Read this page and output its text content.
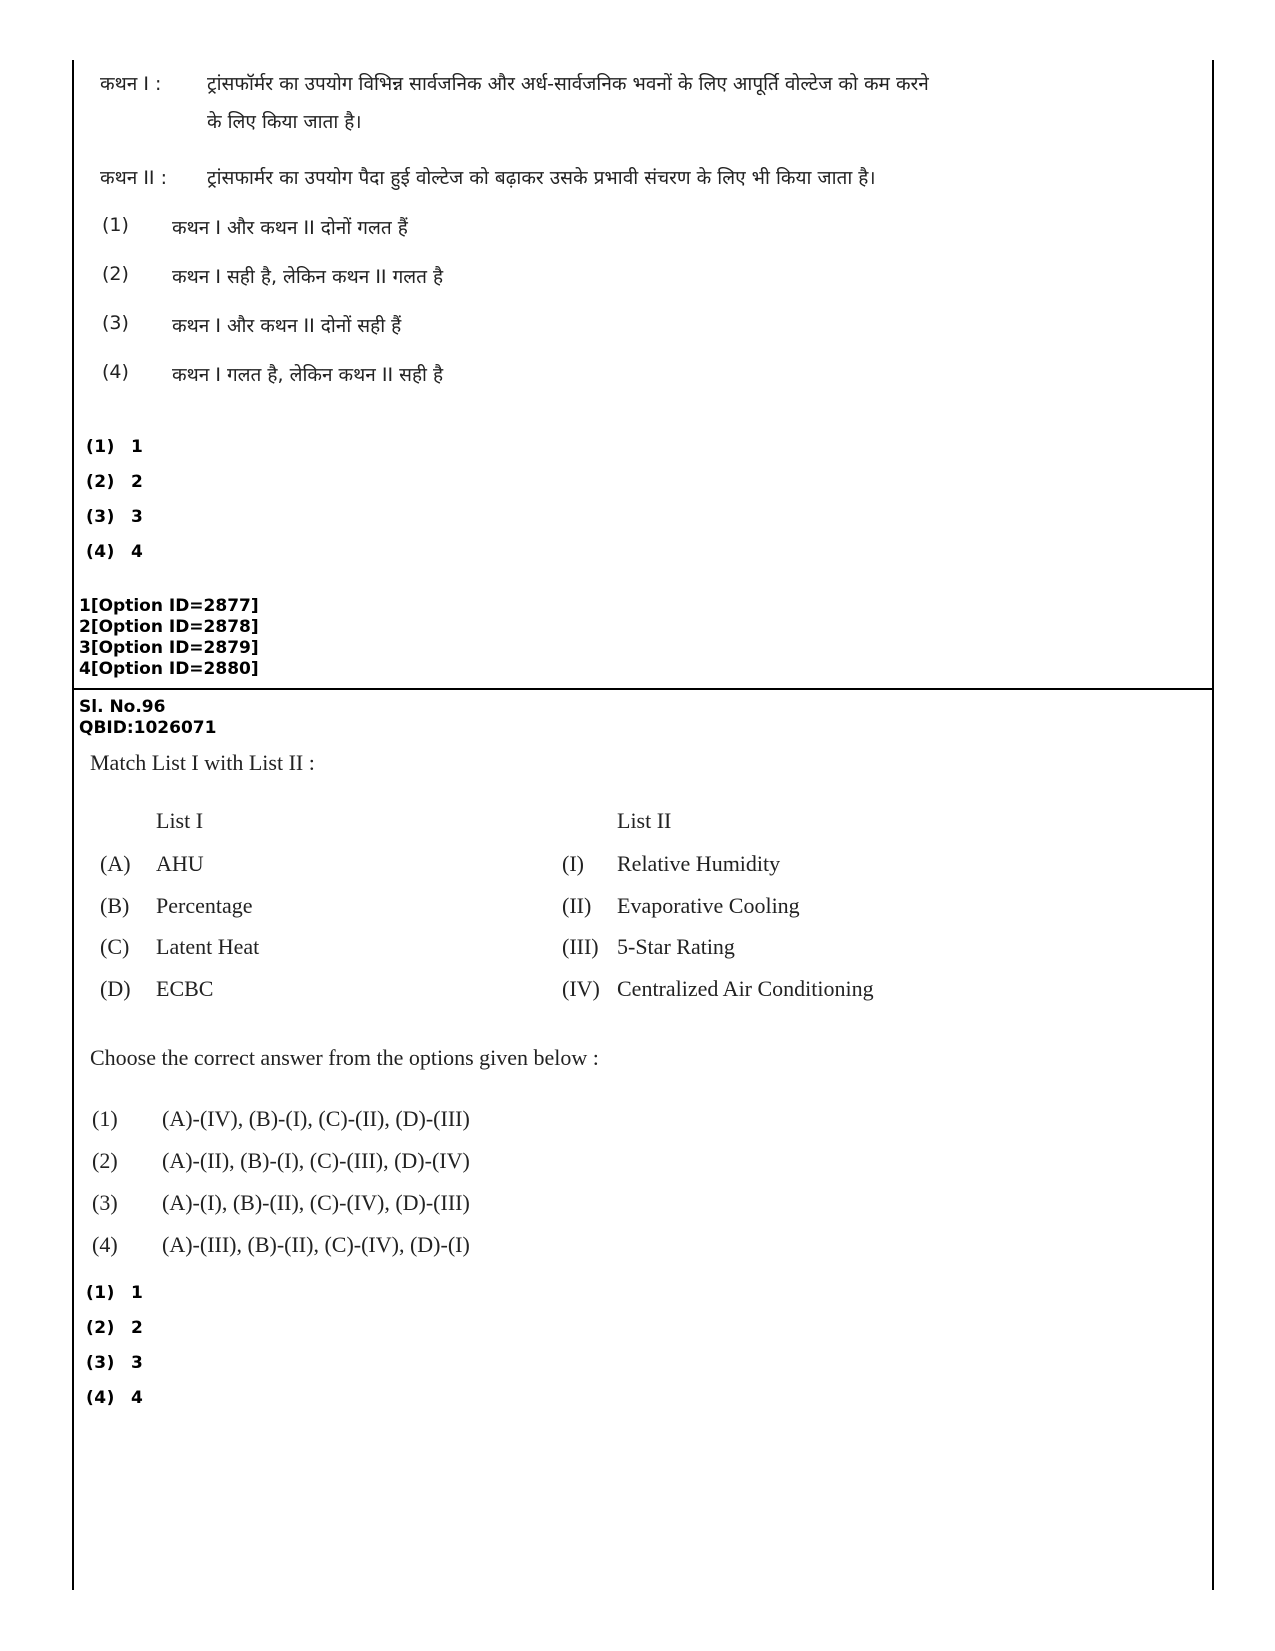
कथन I : ट्रांसफॉर्मर का उपयोग विभिन्न सार्वजनिक और अर्ध-सार्वजनिक भवनों के लिए आपूर्ति वोल्टेज को कम करने
के लिए किया जाता है।
कथन II : ट्रांसफार्मर का उपयोग पैदा हुई वोल्टेज को बढ़ाकर उसके प्रभावी संचरण के लिए भी किया जाता है।
(1) कथन I और कथन II दोनों गलत हैं
(2) कथन I सही है, लेकिन कथन II गलत है
(3) कथन I और कथन II दोनों सही हैं
(4) कथन I गलत है, लेकिन कथन II सही है
(1) 1
(2) 2
(3) 3
(4) 4
1[Option ID=2877]
2[Option ID=2878]
3[Option ID=2879]
4[Option ID=2880]
Sl. No.96
QBID:1026071
Match List I with List II :
List I	List II
(A) AHU	(I) Relative Humidity
(B) Percentage	(II) Evaporative Cooling
(C) Latent Heat	(III) 5-Star Rating
(D) ECBC	(IV) Centralized Air Conditioning
Choose the correct answer from the options given below :
(1) (A)-(IV), (B)-(I), (C)-(II), (D)-(III)
(2) (A)-(II), (B)-(I), (C)-(III), (D)-(IV)
(3) (A)-(I), (B)-(II), (C)-(IV), (D)-(III)
(4) (A)-(III), (B)-(II), (C)-(IV), (D)-(I)
(1) 1
(2) 2
(3) 3
(4) 4
